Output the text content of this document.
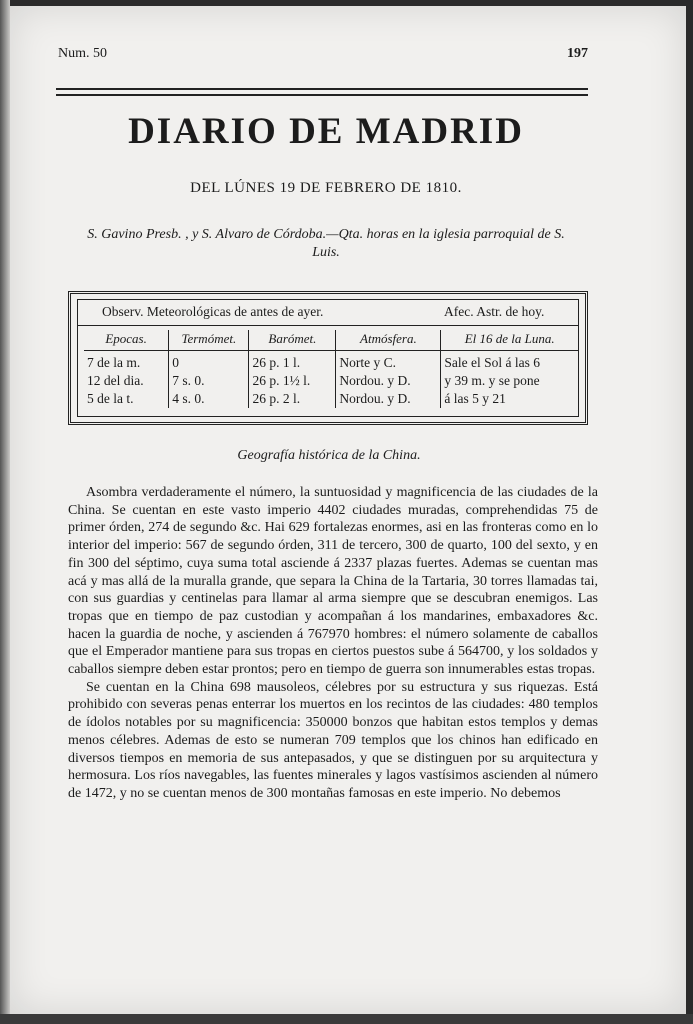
Num. 50	197
DIARIO DE MADRID
DEL LÚNES 19 DE FEBRERO DE 1810.
S. Gavino Presb. , y S. Alvaro de Córdoba.—Qta. horas en la iglesia parroquial de S. Luis.
Observ. Meteorológicas de antes de ayer.	Afec. Astr. de hoy.
Epocas.	Termómet.	Barómet.	Atmósfera.	El 16 de la Luna.
7 de la m.	0	26 p. 1 l.	Norte y C.	Sale el Sol á las 6
12 del dia.	7 s. 0.	26 p. 1½ l.	Nordou. y D.	y 39 m. y se pone
5 de la t.	4 s. 0.	26 p. 2 l.	Nordou. y D.	á las 5 y 21
Geografía histórica de la China.

Asombra verdaderamente el número, la suntuosidad y magnificencia de las ciudades de la China. Se cuentan en este vasto imperio 4402 ciudades muradas, comprehendidas 75 de primer órden, 274 de segundo &c. Hai 629 fortalezas enormes, asi en las fronteras como en lo interior del imperio: 567 de segundo órden, 311 de tercero, 300 de quarto, 100 del sexto, y en fin 300 del séptimo, cuya suma total asciende á 2337 plazas fuertes. Ademas se cuentan mas acá y mas allá de la muralla grande, que separa la China de la Tartaria, 30 torres llamadas tai, con sus guardias y centinelas para llamar al arma siempre que se descubran enemigos. Las tropas que en tiempo de paz custodian y acompañan á los mandarines, embaxadores &c. hacen la guardia de noche, y ascienden á 767970 hombres: el número solamente de caballos que el Emperador mantiene para sus tropas en ciertos puestos sube á 564700, y los soldados y caballos siempre deben estar prontos; pero en tiempo de guerra son innumerables estas tropas.

Se cuentan en la China 698 mausoleos, célebres por su estructura y sus riquezas. Está prohibido con severas penas enterrar los muertos en los recintos de las ciudades: 480 templos de ídolos notables por su magnificencia: 350000 bonzos que habitan estos templos y demas menos célebres. Ademas de esto se numeran 709 templos que los chinos han edificado en diversos tiempos en memoria de sus antepasados, y que se distinguen por su arquitectura y hermosura. Los ríos navegables, las fuentes minerales y lagos vastísimos ascienden al número de 1472, y no se cuentan menos de 300 montañas famosas en este imperio. No debemos
